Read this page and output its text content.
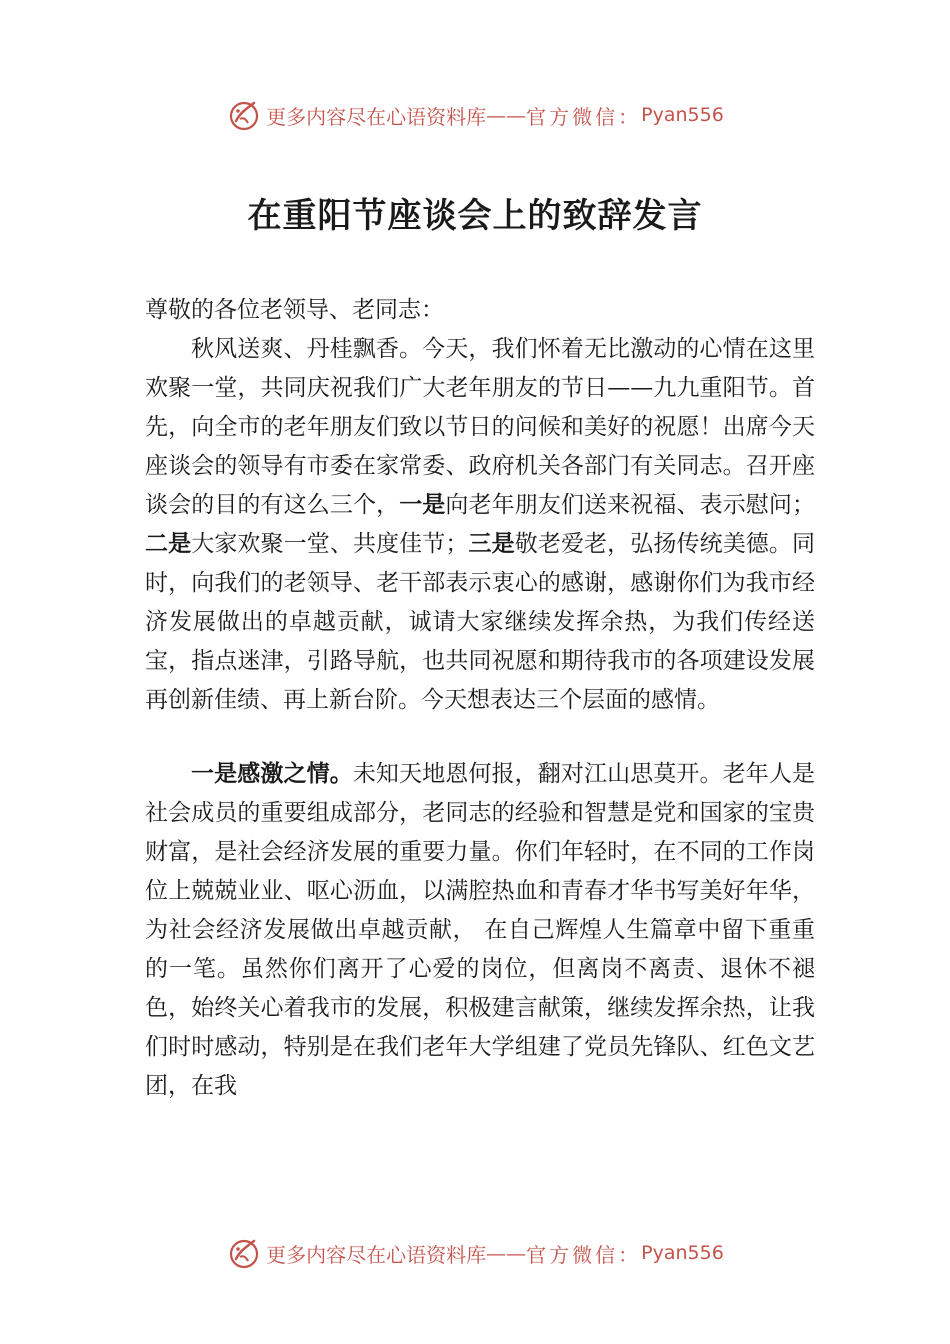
更多内容尽在心语资料库 —— 官方微信： Pyan556
在重阳节座谈会上的致辞发言

尊敬的各位老领导、老同志：

秋风送爽、丹桂飘香。今天，我们怀着无比激动的心情在这里欢聚一堂，共同庆祝我们广大老年朋友的节日——九九重阳节。首先，向全市的老年朋友们致以节日的问候和美好的祝愿！出席今天座谈会的领导有市委在家常委、政府机关各部门有关同志。召开座谈会的目的有这么三个，一是向老年朋友们送来祝福、表示慰问；二是大家欢聚一堂、共度佳节；三是敬老爱老，弘扬传统美德。同时，向我们的老领导、老干部表示衷心的感谢，感谢你们为我市经济发展做出的卓越贡献，诚请大家继续发挥余热，为我们传经送宝，指点迷津，引路导航，也共同祝愿和期待我市的各项建设发展再创新佳绩、再上新台阶。今天想表达三个层面的感情。

一是感激之情。未知天地恩何报，翻对江山思莫开。老年人是社会成员的重要组成部分，老同志的经验和智慧是党和国家的宝贵财富，是社会经济发展的重要力量。你们年轻时，在不同的工作岗位上兢兢业业、呕心沥血，以满腔热血和青春才华书写美好年华，为社会经济发展做出卓越贡献， 在自己辉煌人生篇章中留下重重的一笔。虽然你们离开了心爱的岗位，但离岗不离责、退休不褪色，始终关心着我市的发展，积极建言献策，继续发挥余热，让我们时时感动，特别是在我们老年大学组建了党员先锋队、红色文艺团，在我

更多内容尽在心语资料库 —— 官方微信： Pyan556
